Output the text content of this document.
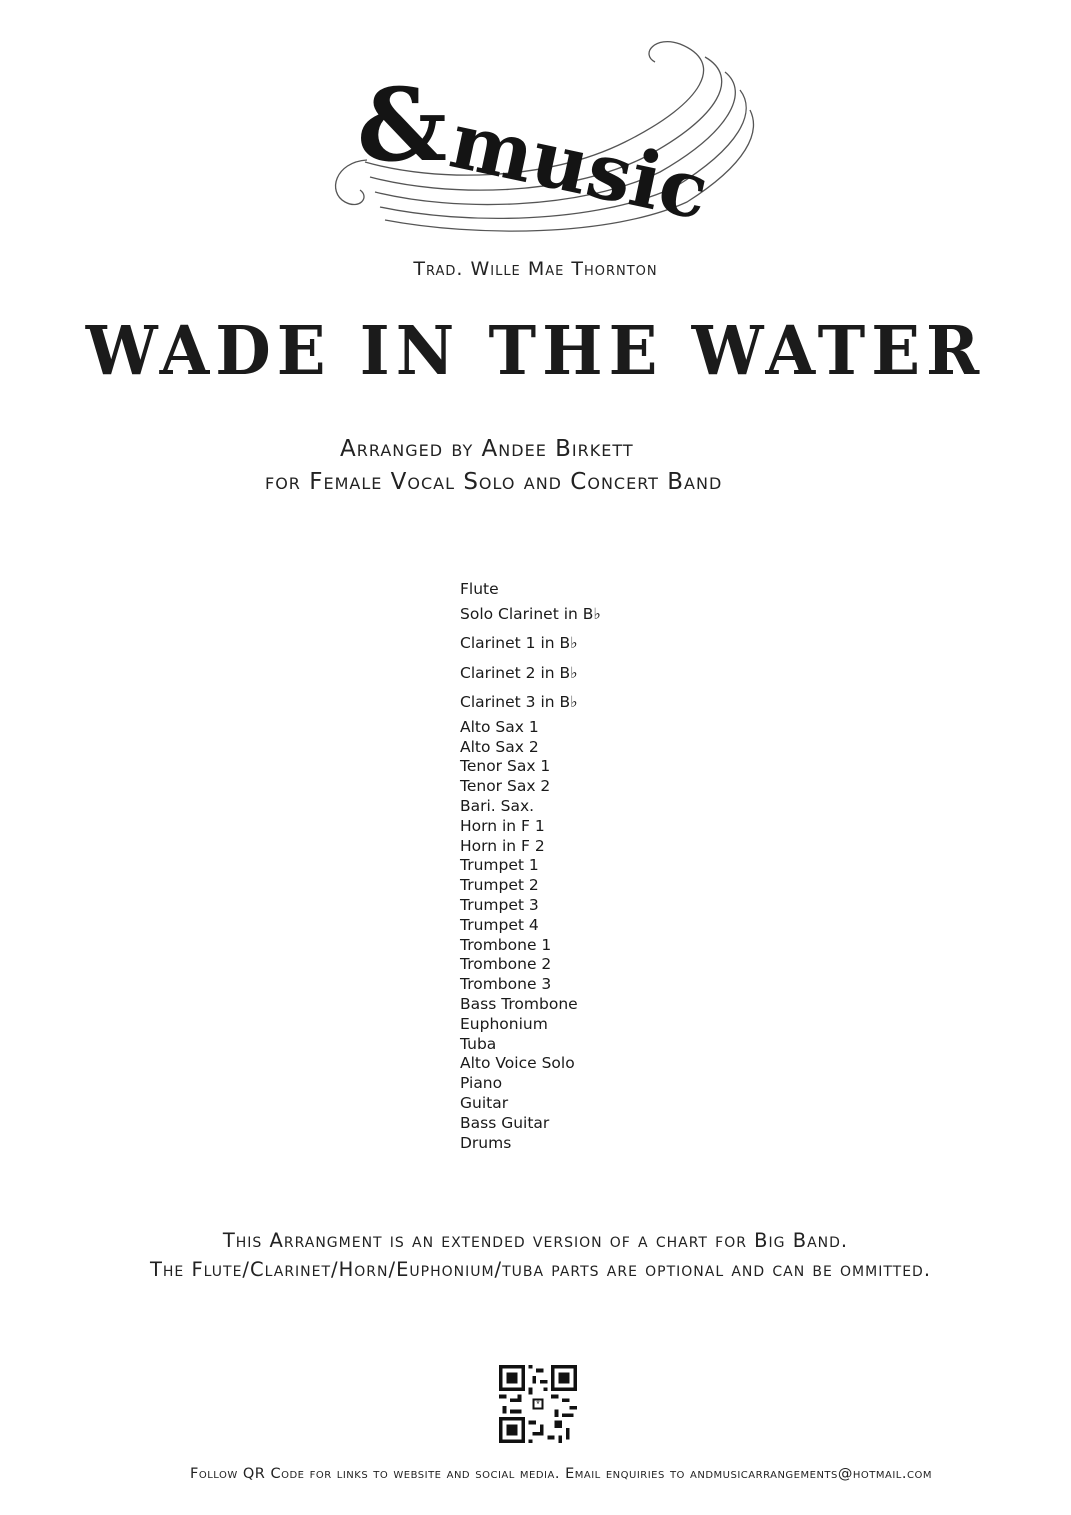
&
music
Trad. Wille Mae Thornton
WADE IN THE WATER
Arranged by Andee Birkett
for Female Vocal Solo and Concert Band
Flute
Solo Clarinet in B♭
Clarinet 1 in B♭
Clarinet 2 in B♭
Clarinet 3 in B♭
Alto Sax 1
Alto Sax 2
Tenor Sax 1
Tenor Sax 2
Bari. Sax.
Horn in F 1
Horn in F 2
Trumpet 1
Trumpet 2
Trumpet 3
Trumpet 4
Trombone 1
Trombone 2
Trombone 3
Bass Trombone
Euphonium
Tuba
Alto Voice Solo
Piano
Guitar
Bass Guitar
Drums
This Arrangment is an extended version of a chart for Big Band.
The Flute/Clarinet/Horn/Euphonium/tuba parts are optional and can be ommitted.
*
Follow QR Code for links to website and social media. Email enquiries to andmusicarrangements@hotmail.com
